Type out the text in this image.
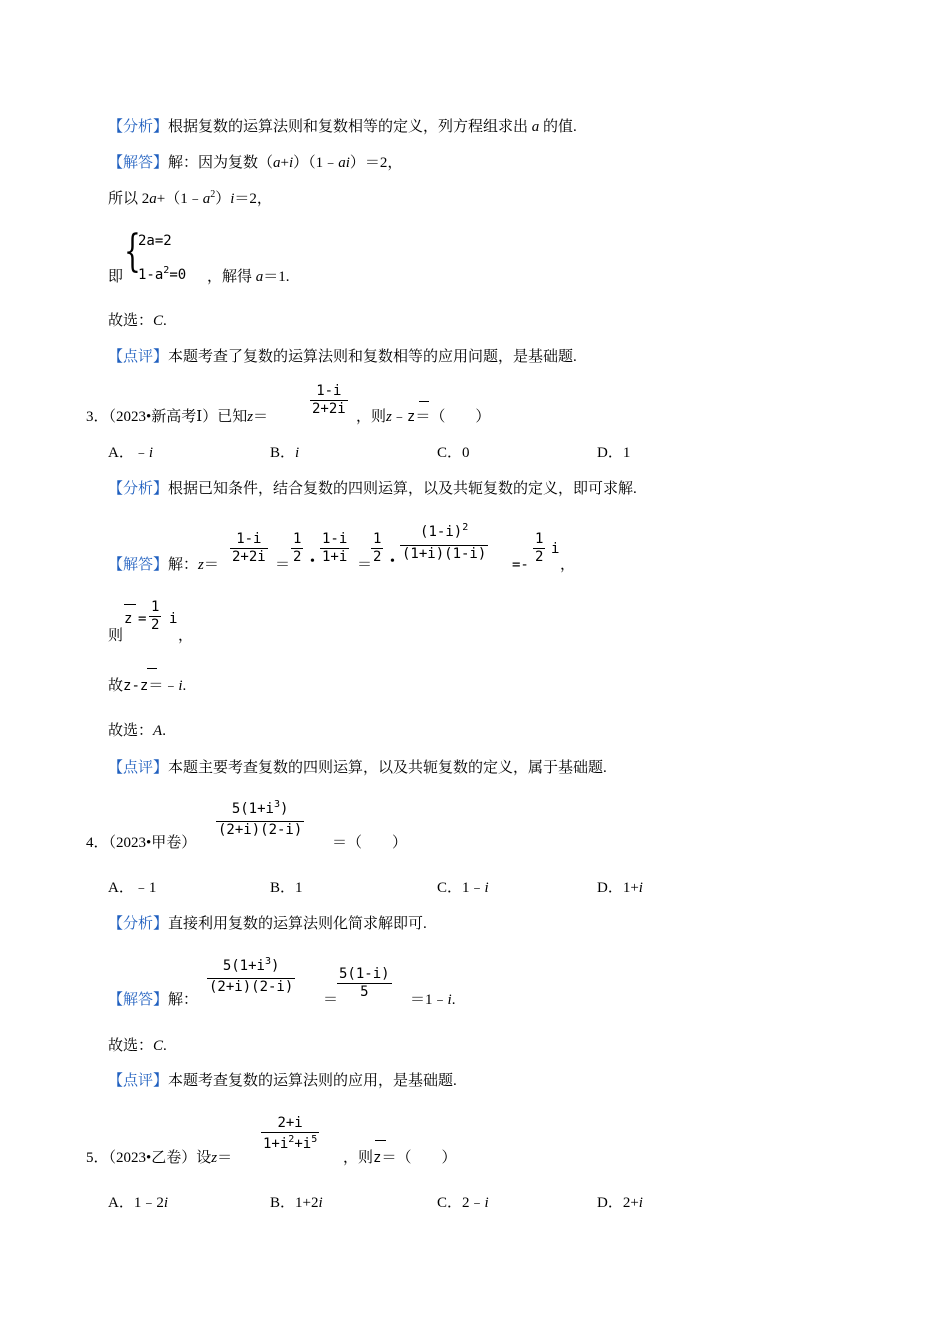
【分析】根据复数的运算法则和复数相等的定义，列方程组求出 a 的值.
【解答】解：因为复数（a+i）（1﹣ai）＝2，
所以 $2a+(1﹣a^2)i=2$，
即 {
2a=2
$1-a^2=0$ ，解得 a＝1.
故选：C.
【点评】本题考查了复数的运算法则和复数相等的应用问题，是基础题.
3．（2023•新高考Ⅰ）已知z＝
1-i
2+2i ，则z﹣z＝（　　）
A．﹣i	B．i	C．0	D．1
【分析】根据已知条件，结合复数的四则运算，以及共轭复数的定义，即可求解.
【解答】解：z＝
1-i
2+2i ＝
1
2 •
1-i
1+i ＝
1
2 •
$(1-i)^2$
(1+i)(1-i)
=-
1
2 i
，
则
z =
1
2 i
，
故z-z＝﹣i.
故选：A.
【点评】本题主要考查复数的四则运算，以及共轭复数的定义，属于基础题.
4．（2023•甲卷）
$5(1+i^3)$
(2+i)(2-i)
＝（　　）
A．﹣1	B．1	C．1﹣i	D．1+i
【分析】直接利用复数的运算法则化简求解即可.
【解答】解：
$5(1+i^3)$
(2+i)(2-i)
＝
5(1-i)
5	＝1﹣i.
故选：C.
【点评】本题考查复数的运算法则的应用，是基础题.
5．（2023•乙卷）设z＝
2+i
$1+i^2+i^5$
，则z＝（　　）
A．1﹣2i	B．1+2i	C．2﹣i	D．2+i
